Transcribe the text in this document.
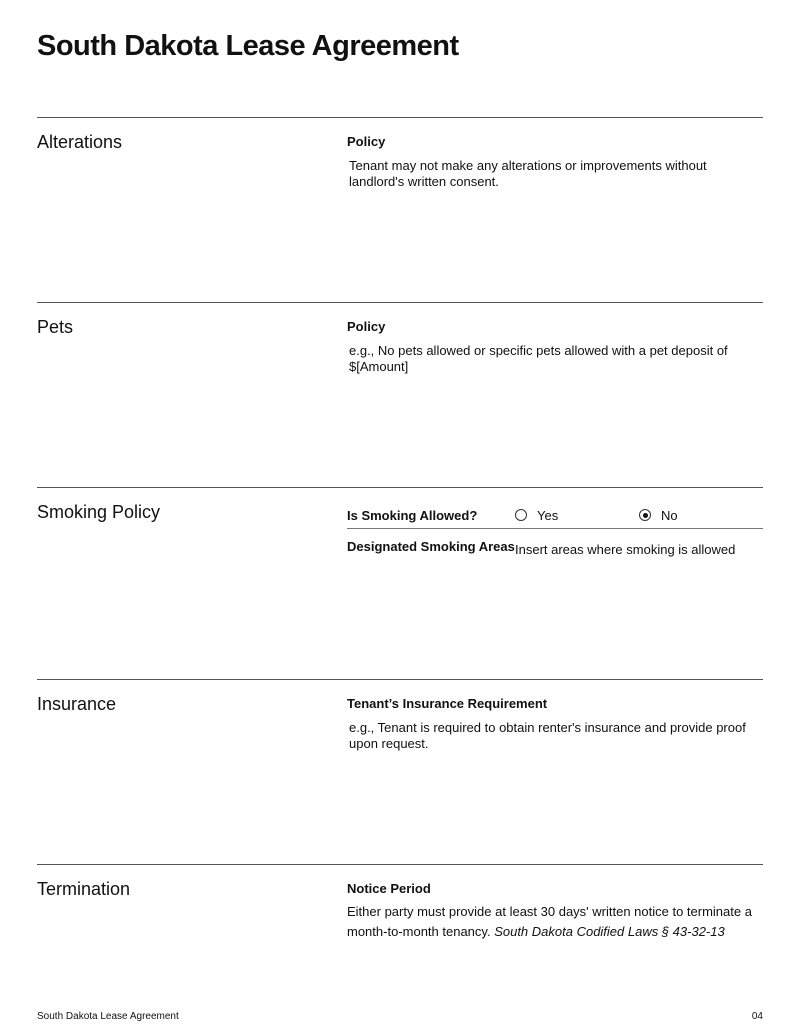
South Dakota Lease Agreement
Alterations	Policy
Tenant may not make any alterations or improvements without landlord's written consent.
Pets	Policy
e.g., No pets allowed or specific pets allowed with a pet deposit of $[Amount]
Smoking Policy	Is Smoking Allowed?	Yes	No
Designated Smoking Areas Insert areas where smoking is allowed
Insurance	Tenant’s Insurance Requirement
e.g., Tenant is required to obtain renter's insurance and provide proof upon request.
Termination	Notice Period
Either party must provide at least 30 days' written notice to terminate a month-to-month tenancy. South Dakota Codified Laws § 43-32-13
South Dakota Lease Agreement	04
